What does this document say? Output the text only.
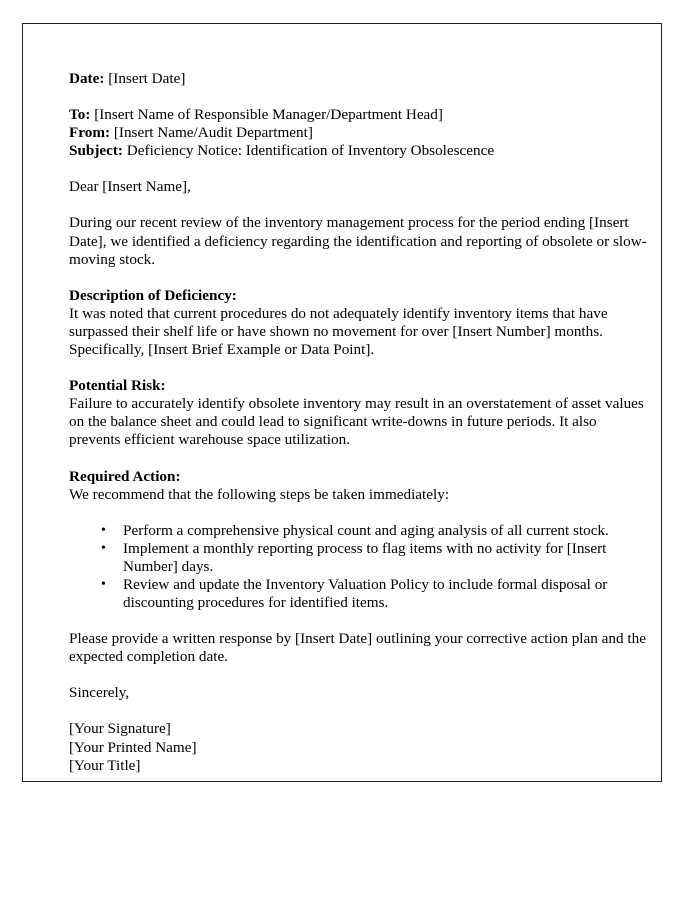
Date: [Insert Date]
To: [Insert Name of Responsible Manager/Department Head]
From: [Insert Name/Audit Department]
Subject: Deficiency Notice: Identification of Inventory Obsolescence

Dear [Insert Name],

During our recent review of the inventory management process for the period ending [Insert Date], we identified a deficiency regarding the identification and reporting of obsolete or slow-moving stock.

Description of Deficiency:

It was noted that current procedures do not adequately identify inventory items that have surpassed their shelf life or have shown no movement for over [Insert Number] months. Specifically, [Insert Brief Example or Data Point].

Potential Risk:

Failure to accurately identify obsolete inventory may result in an overstatement of asset values on the balance sheet and could lead to significant write-downs in future periods. It also prevents efficient warehouse space utilization.

Required Action:

We recommend that the following steps be taken immediately:

• Perform a comprehensive physical count and aging analysis of all current stock.
• Implement a monthly reporting process to flag items with no activity for [Insert Number] days.
• Review and update the Inventory Valuation Policy to include formal disposal or discounting procedures for identified items.

Please provide a written response by [Insert Date] outlining your corrective action plan and the expected completion date.

Sincerely,

[Your Signature]
[Your Printed Name]
[Your Title]
